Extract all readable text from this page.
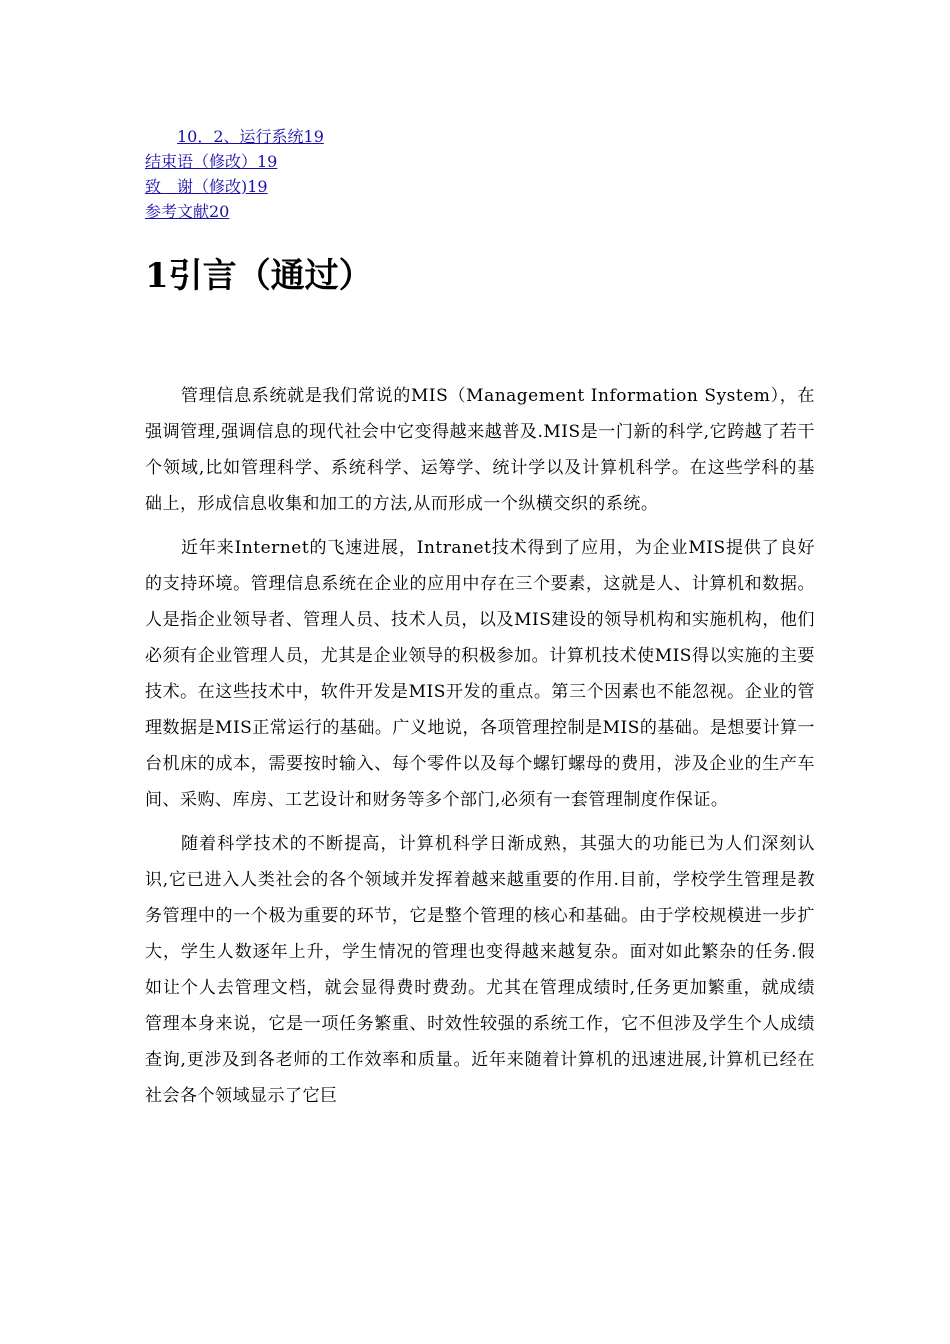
10．2、运行系统19
结束语（修改）19
致　谢（修改)19
参考文献20
1引言（通过）

管理信息系统就是我们常说的MIS（Management Information System），在强调管理,强调信息的现代社会中它变得越来越普及.MIS是一门新的科学,它跨越了若干个领域,比如管理科学、系统科学、运筹学、统计学以及计算机科学。在这些学科的基础上，形成信息收集和加工的方法,从而形成一个纵横交织的系统。

近年来Internet的飞速进展，Intranet技术得到了应用，为企业MIS提供了良好的支持环境。管理信息系统在企业的应用中存在三个要素，这就是人、计算机和数据。人是指企业领导者、管理人员、技术人员，以及MIS建设的领导机构和实施机构，他们必须有企业管理人员，尤其是企业领导的积极参加。计算机技术使MIS得以实施的主要技术。在这些技术中，软件开发是MIS开发的重点。第三个因素也不能忽视。企业的管理数据是MIS正常运行的基础。广义地说，各项管理控制是MIS的基础。是想要计算一台机床的成本，需要按时输入、每个零件以及每个螺钉螺母的费用，涉及企业的生产车间、采购、库房、工艺设计和财务等多个部门,必须有一套管理制度作保证。

随着科学技术的不断提高，计算机科学日渐成熟，其强大的功能已为人们深刻认识,它已进入人类社会的各个领域并发挥着越来越重要的作用.目前，学校学生管理是教务管理中的一个极为重要的环节，它是整个管理的核心和基础。由于学校规模进一步扩大，学生人数逐年上升，学生情况的管理也变得越来越复杂。面对如此繁杂的任务.假如让个人去管理文档，就会显得费时费劲。尤其在管理成绩时,任务更加繁重，就成绩管理本身来说，它是一项任务繁重、时效性较强的系统工作，它不但涉及学生个人成绩查询,更涉及到各老师的工作效率和质量。近年来随着计算机的迅速进展,计算机已经在社会各个领域显示了它巨
